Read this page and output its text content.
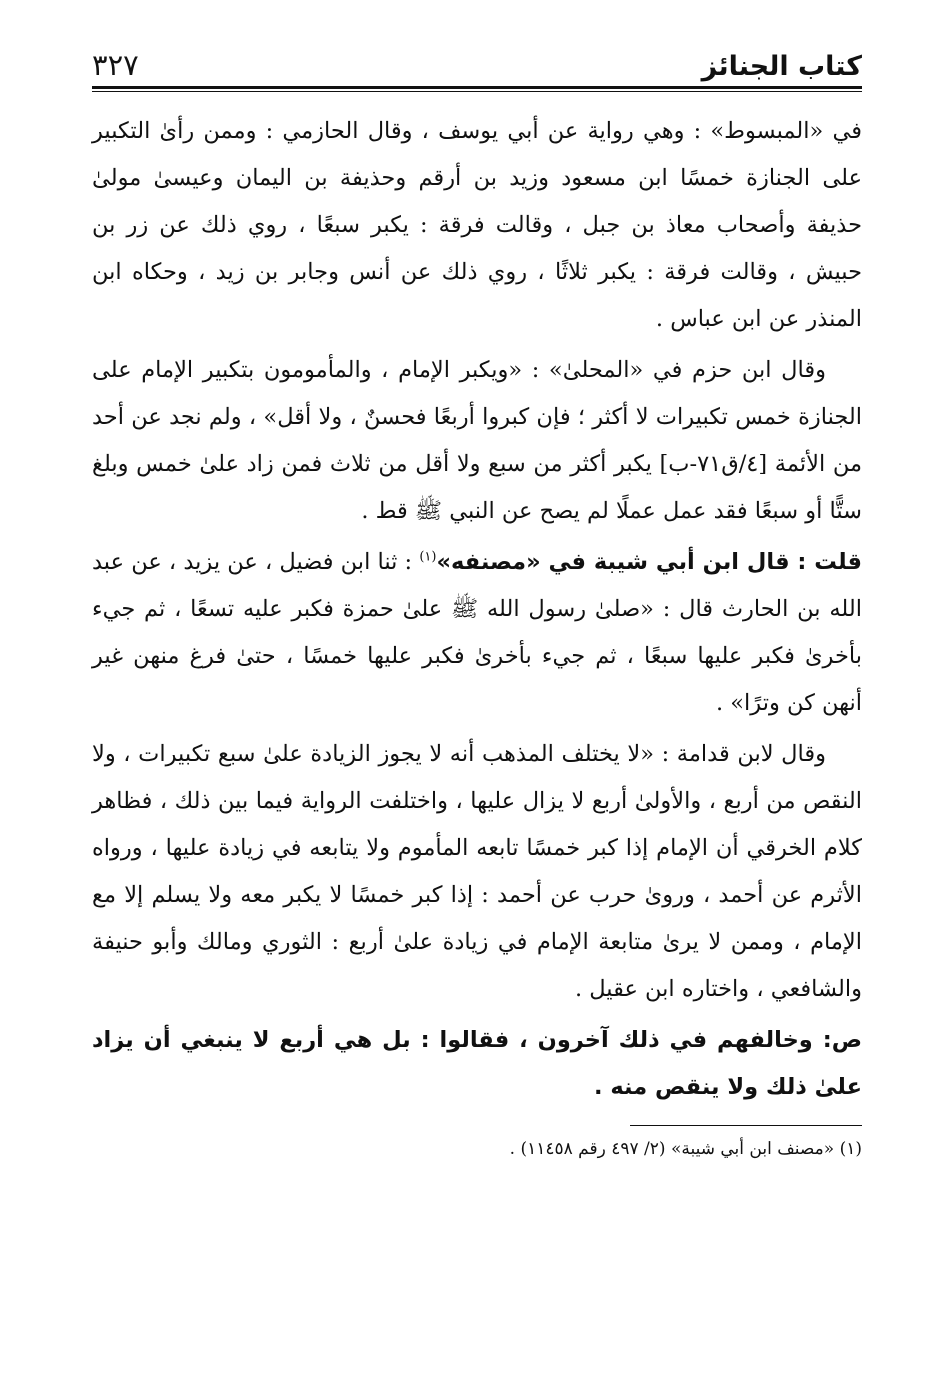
كتاب الجنائز
٣٢٧

في «المبسوط» : وهي رواية عن أبي يوسف ، وقال الحازمي : وممن رأىٰ التكبير على الجنازة خمسًا ابن مسعود وزيد بن أرقم وحذيفة بن اليمان وعيسىٰ مولىٰ حذيفة وأصحاب معاذ بن جبل ، وقالت فرقة : يكبر سبعًا ، روي ذلك عن زر بن حبيش ، وقالت فرقة : يكبر ثلاثًا ، روي ذلك عن أنس وجابر بن زيد ، وحكاه ابن المنذر عن ابن عباس .

وقال ابن حزم في «المحلىٰ» : «ويكبر الإمام ، والمأمومون بتكبير الإمام على الجنازة خمس تكبيرات لا أكثر ؛ فإن كبروا أربعًا فحسنٌ ، ولا أقل» ، ولم نجد عن أحد من الأئمة [٤/ق٧١-ب] يكبر أكثر من سبع ولا أقل من ثلاث فمن زاد علىٰ خمس وبلغ ستًّا أو سبعًا فقد عمل عملًا لم يصح عن النبي ﷺ قط .

قلت : قال ابن أبي شيبة في «مصنفه»$^{(١)}$ : ثنا ابن فضيل ، عن يزيد ، عن عبد الله بن الحارث قال : «صلىٰ رسول الله ﷺ علىٰ حمزة فكبر عليه تسعًا ، ثم جيء بأخرىٰ فكبر عليها سبعًا ، ثم جيء بأخرىٰ فكبر عليها خمسًا ، حتىٰ فرغ منهن غير أنهن كن وترًا» .

وقال لابن قدامة : «لا يختلف المذهب أنه لا يجوز الزيادة علىٰ سبع تكبيرات ، ولا النقص من أربع ، والأولىٰ أربع لا يزال عليها ، واختلفت الرواية فيما بين ذلك ، فظاهر كلام الخرقي أن الإمام إذا كبر خمسًا تابعه المأموم ولا يتابعه في زيادة عليها ، ورواه الأثرم عن أحمد ، وروىٰ حرب عن أحمد : إذا كبر خمسًا لا يكبر معه ولا يسلم إلا مع الإمام ، وممن لا يرىٰ متابعة الإمام في زيادة علىٰ أربع : الثوري ومالك وأبو حنيفة والشافعي ، واختاره ابن عقيل .

ص: وخالفهم في ذلك آخرون ، فقالوا : بل هي أربع لا ينبغي أن يزاد علىٰ ذلك ولا ينقص منه .

(١) «مصنف ابن أبي شيبة» (٢/ ٤٩٧ رقم ١١٤٥٨) .
